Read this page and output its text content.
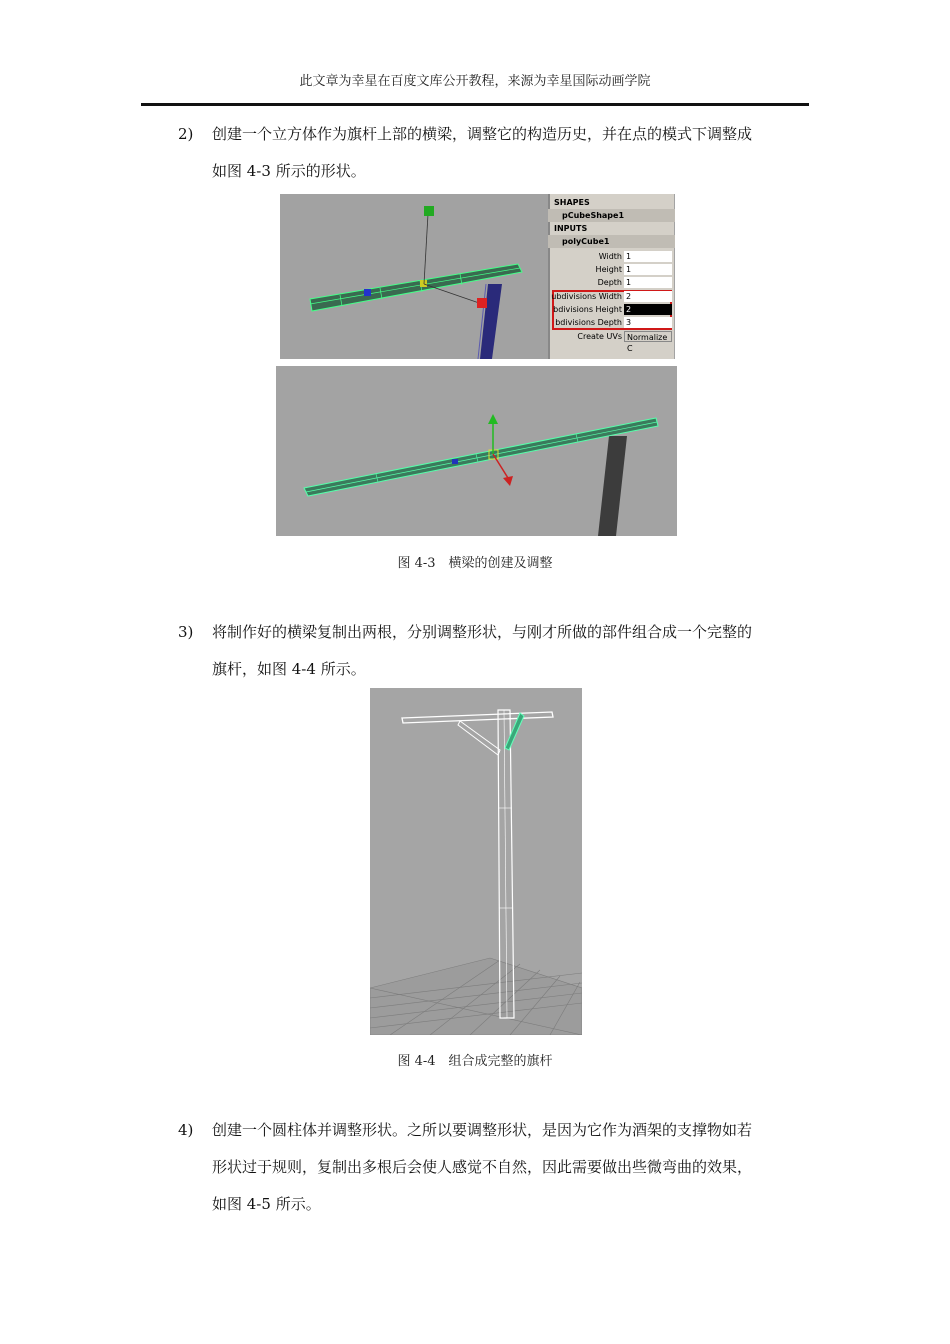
此文章为幸星在百度文库公开教程，来源为幸星国际动画学院
2) 创建一个立方体作为旗杆上部的横梁，调整它的构造历史，并在点的模式下调整成
如图 4-3 所示的形状。
SHAPES
pCubeShape1
INPUTS
polyCube1
Width 1
Height 1
Depth 1
ubdivisions Width 2
bdivisions Height 2
bdivisions Depth 3
Create UVs Normalize C
图 4-3　横梁的创建及调整
3) 将制作好的横梁复制出两根，分别调整形状，与刚才所做的部件组合成一个完整的
旗杆，如图 4-4 所示。
图 4-4　组合成完整的旗杆
4) 创建一个圆柱体并调整形状。之所以要调整形状，是因为它作为酒架的支撑物如若
形状过于规则，复制出多根后会使人感觉不自然，因此需要做出些微弯曲的效果，
如图 4-5 所示。
